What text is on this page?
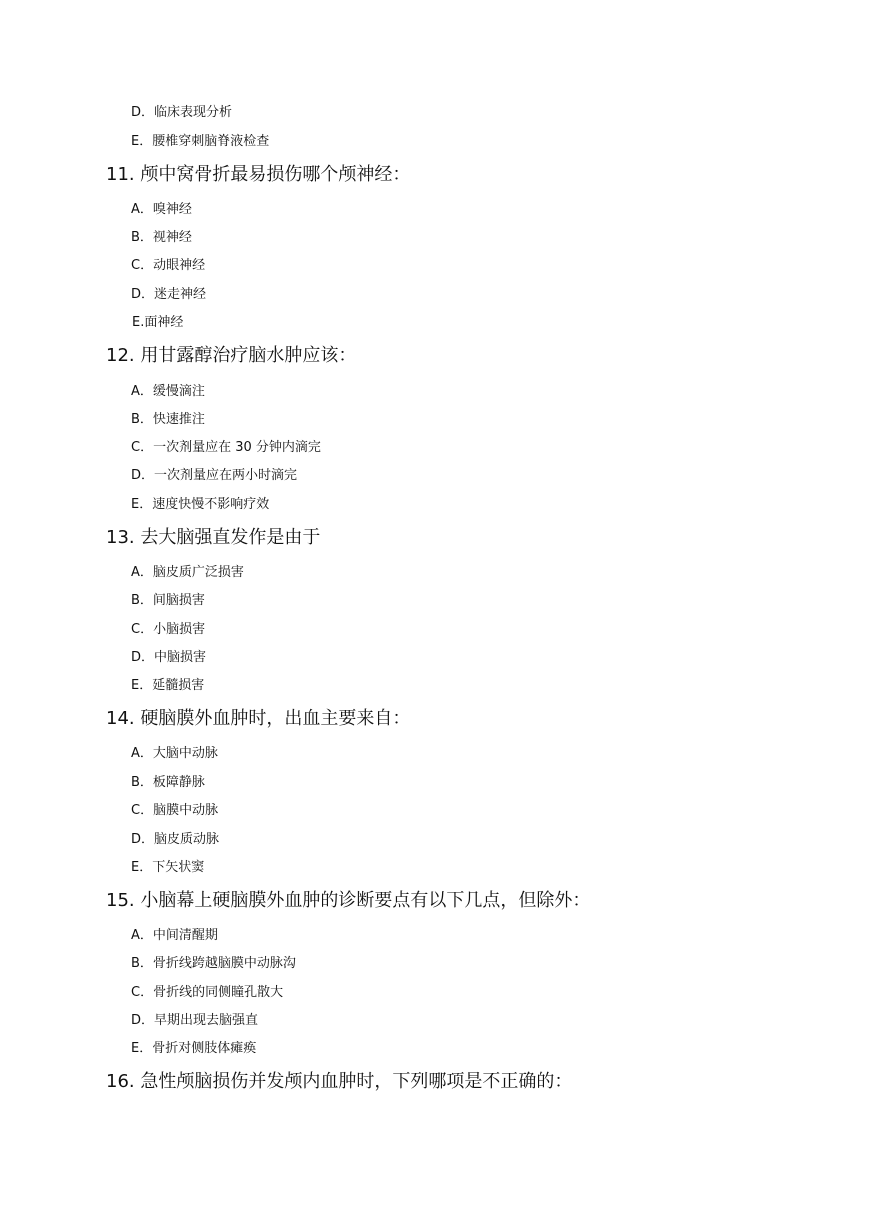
D．临床表现分析
E．腰椎穿刺脑脊液检查
11. 颅中窝骨折最易损伤哪个颅神经：
A．嗅神经
B．视神经
C．动眼神经
D．迷走神经
E.面神经
12. 用甘露醇治疗脑水肿应该：
A．缓慢滴注
B．快速推注
C．一次剂量应在 30 分钟内滴完
D．一次剂量应在两小时滴完
E．速度快慢不影响疗效
13. 去大脑强直发作是由于
A．脑皮质广泛损害
B．间脑损害
C．小脑损害
D．中脑损害
E．延髓损害
14. 硬脑膜外血肿时，出血主要来自：
A．大脑中动脉
B．板障静脉
C．脑膜中动脉
D．脑皮质动脉
E．下矢状窦
15. 小脑幕上硬脑膜外血肿的诊断要点有以下几点，但除外：
A．中间清醒期
B．骨折线跨越脑膜中动脉沟
C．骨折线的同侧瞳孔散大
D．早期出现去脑强直
E．骨折对侧肢体瘫痪
16. 急性颅脑损伤并发颅内血肿时，下列哪项是不正确的：
